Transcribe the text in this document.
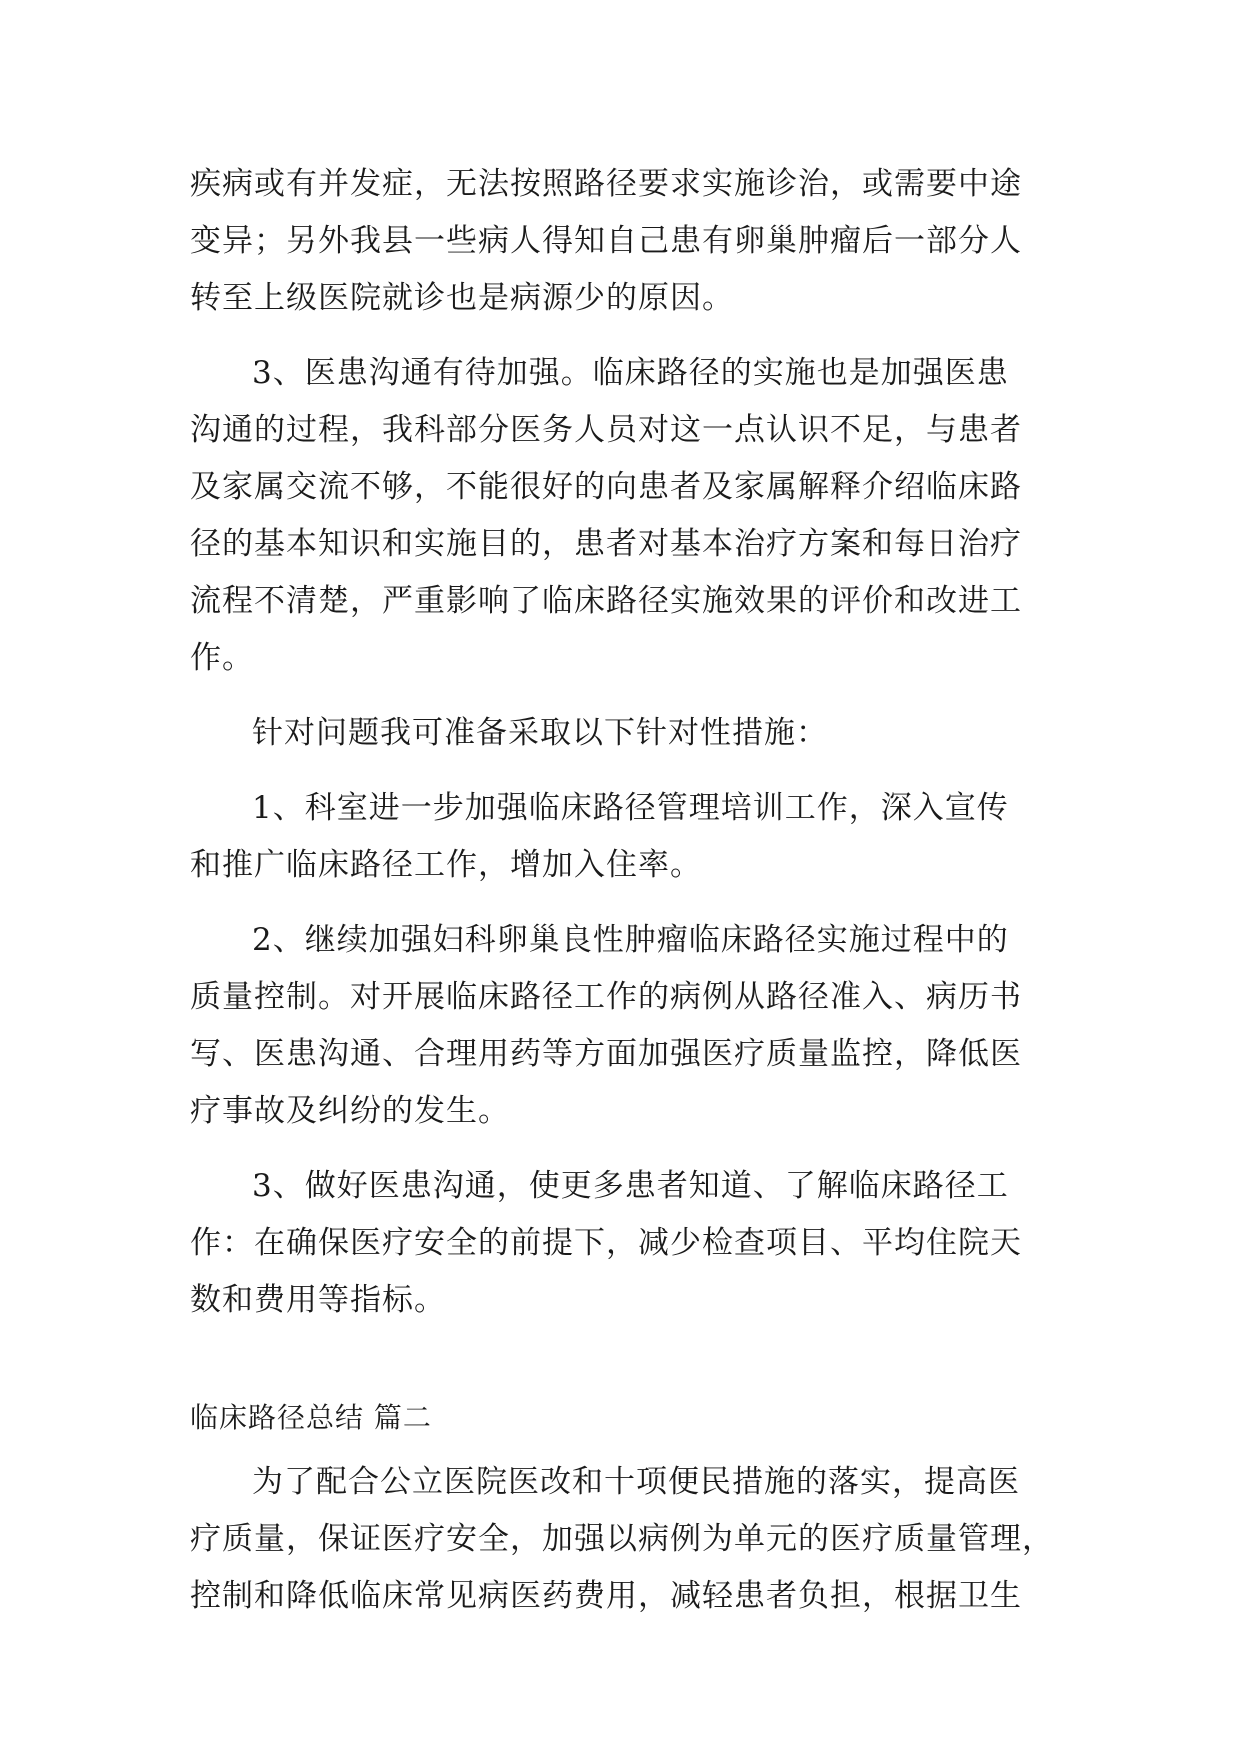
疾病或有并发症，无法按照路径要求实施诊治，或需要中途
变异；另外我县一些病人得知自己患有卵巢肿瘤后一部分人
转至上级医院就诊也是病源少的原因。
3、医患沟通有待加强。临床路径的实施也是加强医患
沟通的过程，我科部分医务人员对这一点认识不足，与患者
及家属交流不够，不能很好的向患者及家属解释介绍临床路
径的基本知识和实施目的，患者对基本治疗方案和每日治疗
流程不清楚，严重影响了临床路径实施效果的评价和改进工
作。
针对问题我可准备采取以下针对性措施：
1、科室进一步加强临床路径管理培训工作，深入宣传
和推广临床路径工作，增加入住率。
2、继续加强妇科卵巢良性肿瘤临床路径实施过程中的
质量控制。对开展临床路径工作的病例从路径准入、病历书
写、医患沟通、合理用药等方面加强医疗质量监控，降低医
疗事故及纠纷的发生。
3、做好医患沟通，使更多患者知道、了解临床路径工
作：在确保医疗安全的前提下，减少检查项目、平均住院天
数和费用等指标。
临床路径总结 篇二
为了配合公立医院医改和十项便民措施的落实，提高医
疗质量，保证医疗安全，加强以病例为单元的医疗质量管理，
控制和降低临床常见病医药费用，减轻患者负担，根据卫生
